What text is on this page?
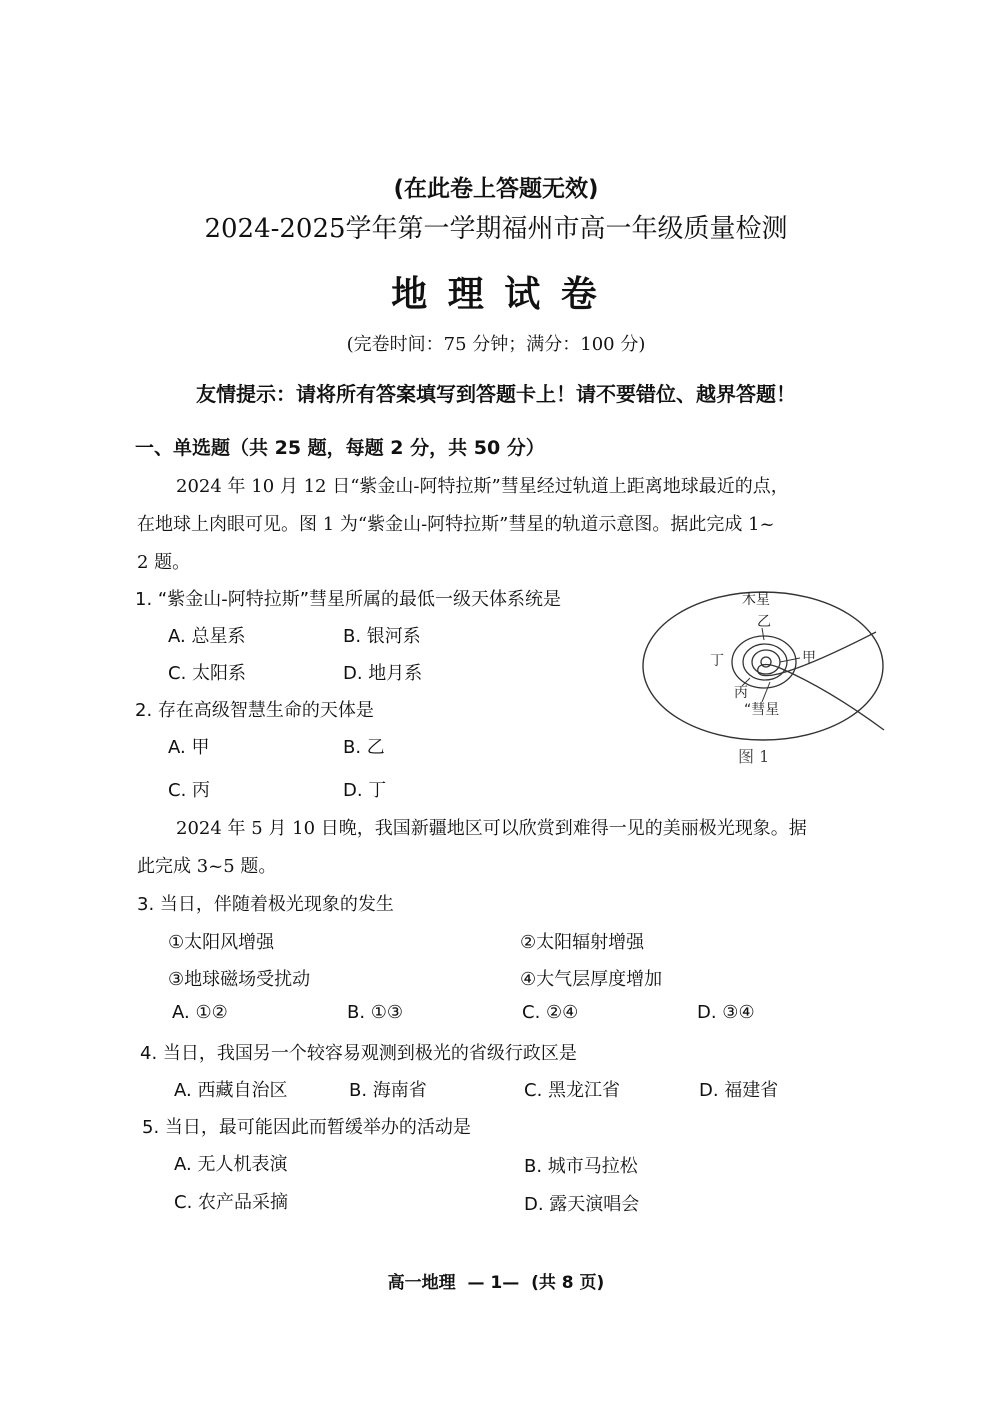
(在此卷上答题无效)
2024-2025学年第一学期福州市高一年级质量检测
地 理 试 卷
(完卷时间：75 分钟；满分：100 分)
友情提示：请将所有答案填写到答题卡上！请不要错位、越界答题！
一、单选题（共 25 题，每题 2 分，共 50 分）
2024 年 10 月 12 日“紫金山-阿特拉斯”彗星经过轨道上距离地球最近的点，
在地球上肉眼可见。图 1 为“紫金山-阿特拉斯”彗星的轨道示意图。据此完成 1~
2 题。
1. “紫金山-阿特拉斯”彗星所属的最低一级天体系统是
A. 总星系	B. 银河系
C. 太阳系	D. 地月系
2. 存在高级智慧生命的天体是
A. 甲	B. 乙
C. 丙	D. 丁
木星
乙
丁	甲
丙
“彗星
图 1
2024 年 5 月 10 日晚，我国新疆地区可以欣赏到难得一见的美丽极光现象。据
此完成 3~5 题。
3. 当日，伴随着极光现象的发生
①太阳风增强	②太阳辐射增强
③地球磁场受扰动	④大气层厚度增加
A. ①②	B. ①③	C. ②④	D. ③④
4. 当日，我国另一个较容易观测到极光的省级行政区是
A. 西藏自治区	B. 海南省	C. 黑龙江省	D. 福建省
5. 当日，最可能因此而暂缓举办的活动是
A. 无人机表演	B. 城市马拉松
C. 农产品采摘	D. 露天演唱会
高一地理  — 1—  (共 8 页)
